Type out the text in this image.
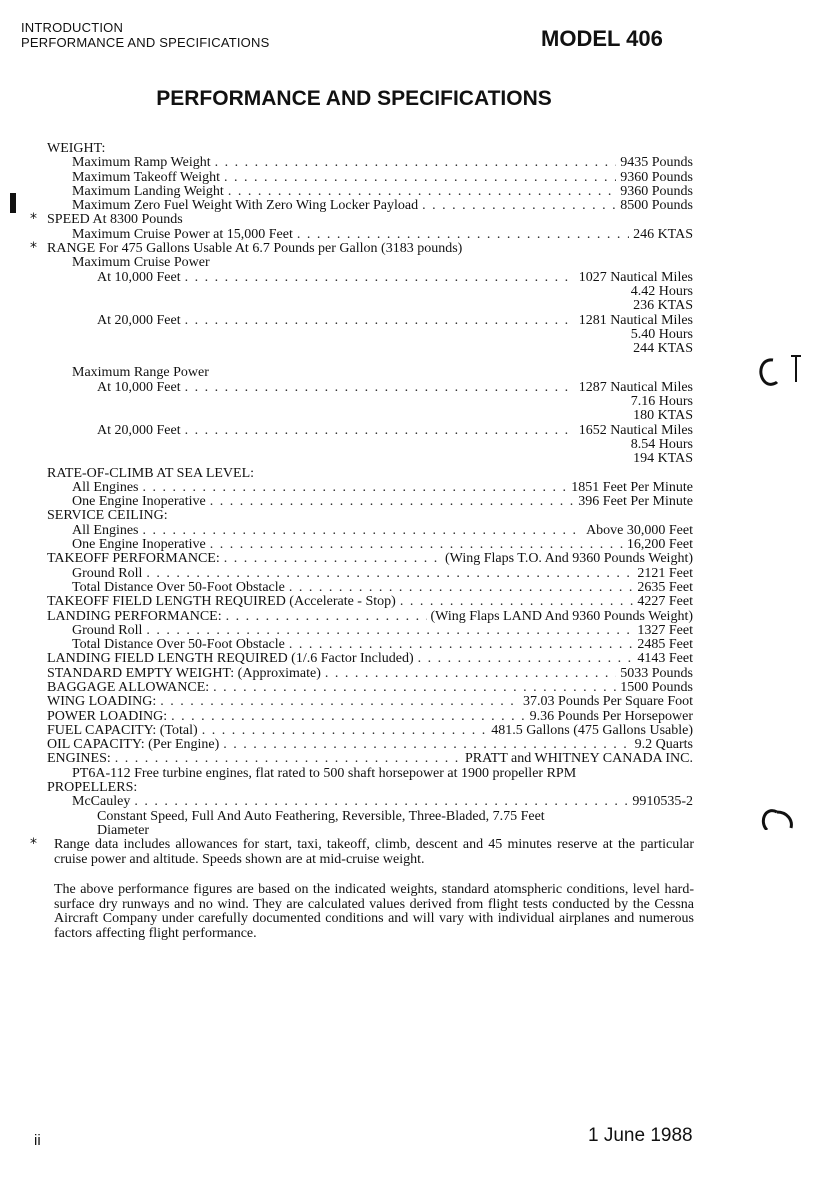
INTRODUCTION
PERFORMANCE AND SPECIFICATIONS	MODEL 406
PERFORMANCE AND SPECIFICATIONS
*
*
*
WEIGHT:
Maximum Ramp Weight . . .	9435 Pounds
Maximum Takeoff Weight . . .	9360 Pounds
Maximum Landing Weight . . .	9360 Pounds
Maximum Zero Fuel Weight With Zero Wing Locker Payload . . .	8500 Pounds
SPEED At 8300 Pounds
Maximum Cruise Power at 15,000 Feet . . .	246 KTAS
RANGE For 475 Gallons Usable At 6.7 Pounds per Gallon (3183 pounds)
Maximum Cruise Power
At 10,000 Feet . . .	1027 Nautical Miles
4.42 Hours
236 KTAS
At 20,000 Feet . . .	1281 Nautical Miles
5.40 Hours
244 KTAS
Maximum Range Power
At 10,000 Feet . . .	1287 Nautical Miles
7.16 Hours
180 KTAS
At 20,000 Feet . . .	1652 Nautical Miles
8.54 Hours
194 KTAS
RATE-OF-CLIMB AT SEA LEVEL:
All Engines . . .	1851 Feet Per Minute
One Engine Inoperative . . .	396 Feet Per Minute
SERVICE CEILING:
All Engines . . .	Above 30,000 Feet
One Engine Inoperative . . .	16,200 Feet
TAKEOFF PERFORMANCE: . . .	(Wing Flaps T.O. And 9360 Pounds Weight)
Ground Roll . . .	2121 Feet
Total Distance Over 50-Foot Obstacle . . .	2635 Feet
TAKEOFF FIELD LENGTH REQUIRED (Accelerate - Stop) . . .	4227 Feet
LANDING PERFORMANCE: . . .	(Wing Flaps LAND And 9360 Pounds Weight)
Ground Roll . . .	1327 Feet
Total Distance Over 50-Foot Obstacle . . .	2485 Feet
LANDING FIELD LENGTH REQUIRED (1/.6 Factor Included) . . .	4143 Feet
STANDARD EMPTY WEIGHT: (Approximate) . . .	5033 Pounds
BAGGAGE ALLOWANCE: . . .	1500 Pounds
WING LOADING: . . .	37.03 Pounds Per Square Foot
POWER LOADING: . . .	9.36 Pounds Per Horsepower
FUEL CAPACITY: (Total) . . .	481.5 Gallons (475 Gallons Usable)
OIL CAPACITY: (Per Engine) . . .	9.2 Quarts
ENGINES: . . .	PRATT and WHITNEY CANADA INC.
PT6A-112 Free turbine engines, flat rated to 500 shaft horsepower at 1900 propeller RPM
PROPELLERS:
McCauley . . .	9910535-2
Constant Speed, Full And Auto Feathering, Reversible, Three-Bladed, 7.75 Feet
Diameter
Range data includes allowances for start, taxi, takeoff, climb, descent and 45 minutes reserve at the particular cruise power and altitude. Speeds shown are at mid-cruise weight.
The above performance figures are based on the indicated weights, standard atomspheric conditions, level hard-surface dry runways and no wind. They are calculated values derived from flight tests conducted by the Cessna Aircraft Company under carefully documented conditions and will vary with individual airplanes and numerous factors affecting flight performance.
ii	1 June 1988
